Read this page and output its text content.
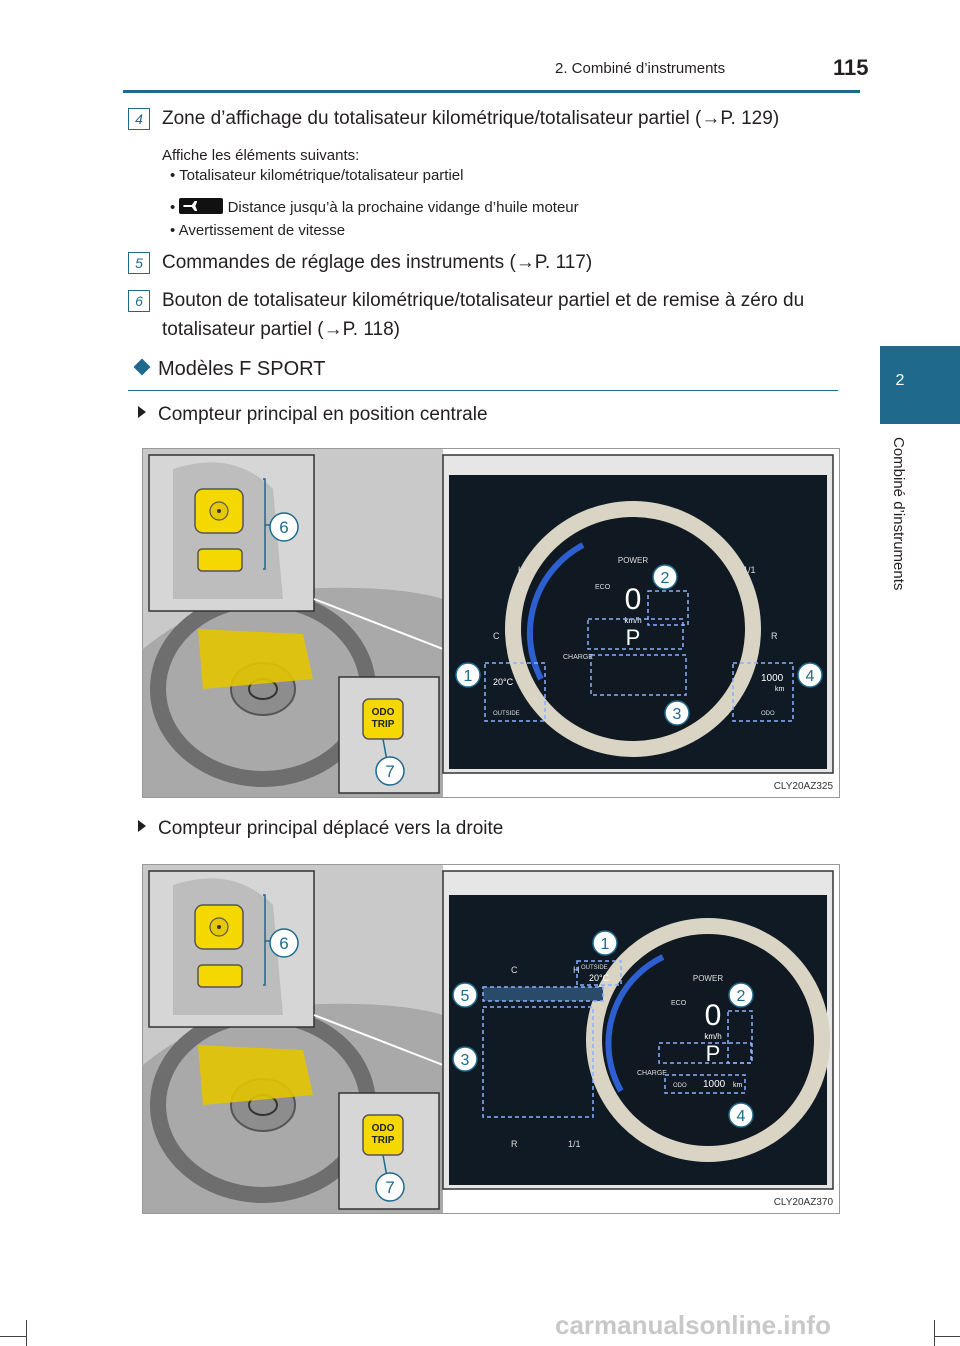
2. Combiné d’instruments	115
2
Combiné d’instruments
4	Zone d’affichage du totalisateur kilométrique/totalisateur partiel (→P. 129)
Affiche les éléments suivants:
• Totalisateur kilométrique/totalisateur partiel
•	Distance jusqu’à la prochaine vidange d’huile moteur
• Avertissement de vitesse
5	Commandes de réglage des instruments (→P. 117)
6	Bouton de totalisateur kilométrique/totalisateur partiel et de remise à zéro du
totalisateur partiel (→P. 118)
Modèles F SPORT
Compteur principal en position centrale
6
ODO
TRIP
7
POWER
ECO
CHARGE
0
km/h
P
H
C
20°C
OUTSIDE
1/1
R
1000
km
ODO
1
2
3
4
CLY20AZ325
Compteur principal déplacé vers la droite
6
ODO
TRIP
7
POWER
ECO
CHARGE
0
km/h
P
ODO 1000 km
C	H OUTSIDE
20°C
R	1/1
1
2
3
4
5
CLY20AZ370
carmanualsonline.info
